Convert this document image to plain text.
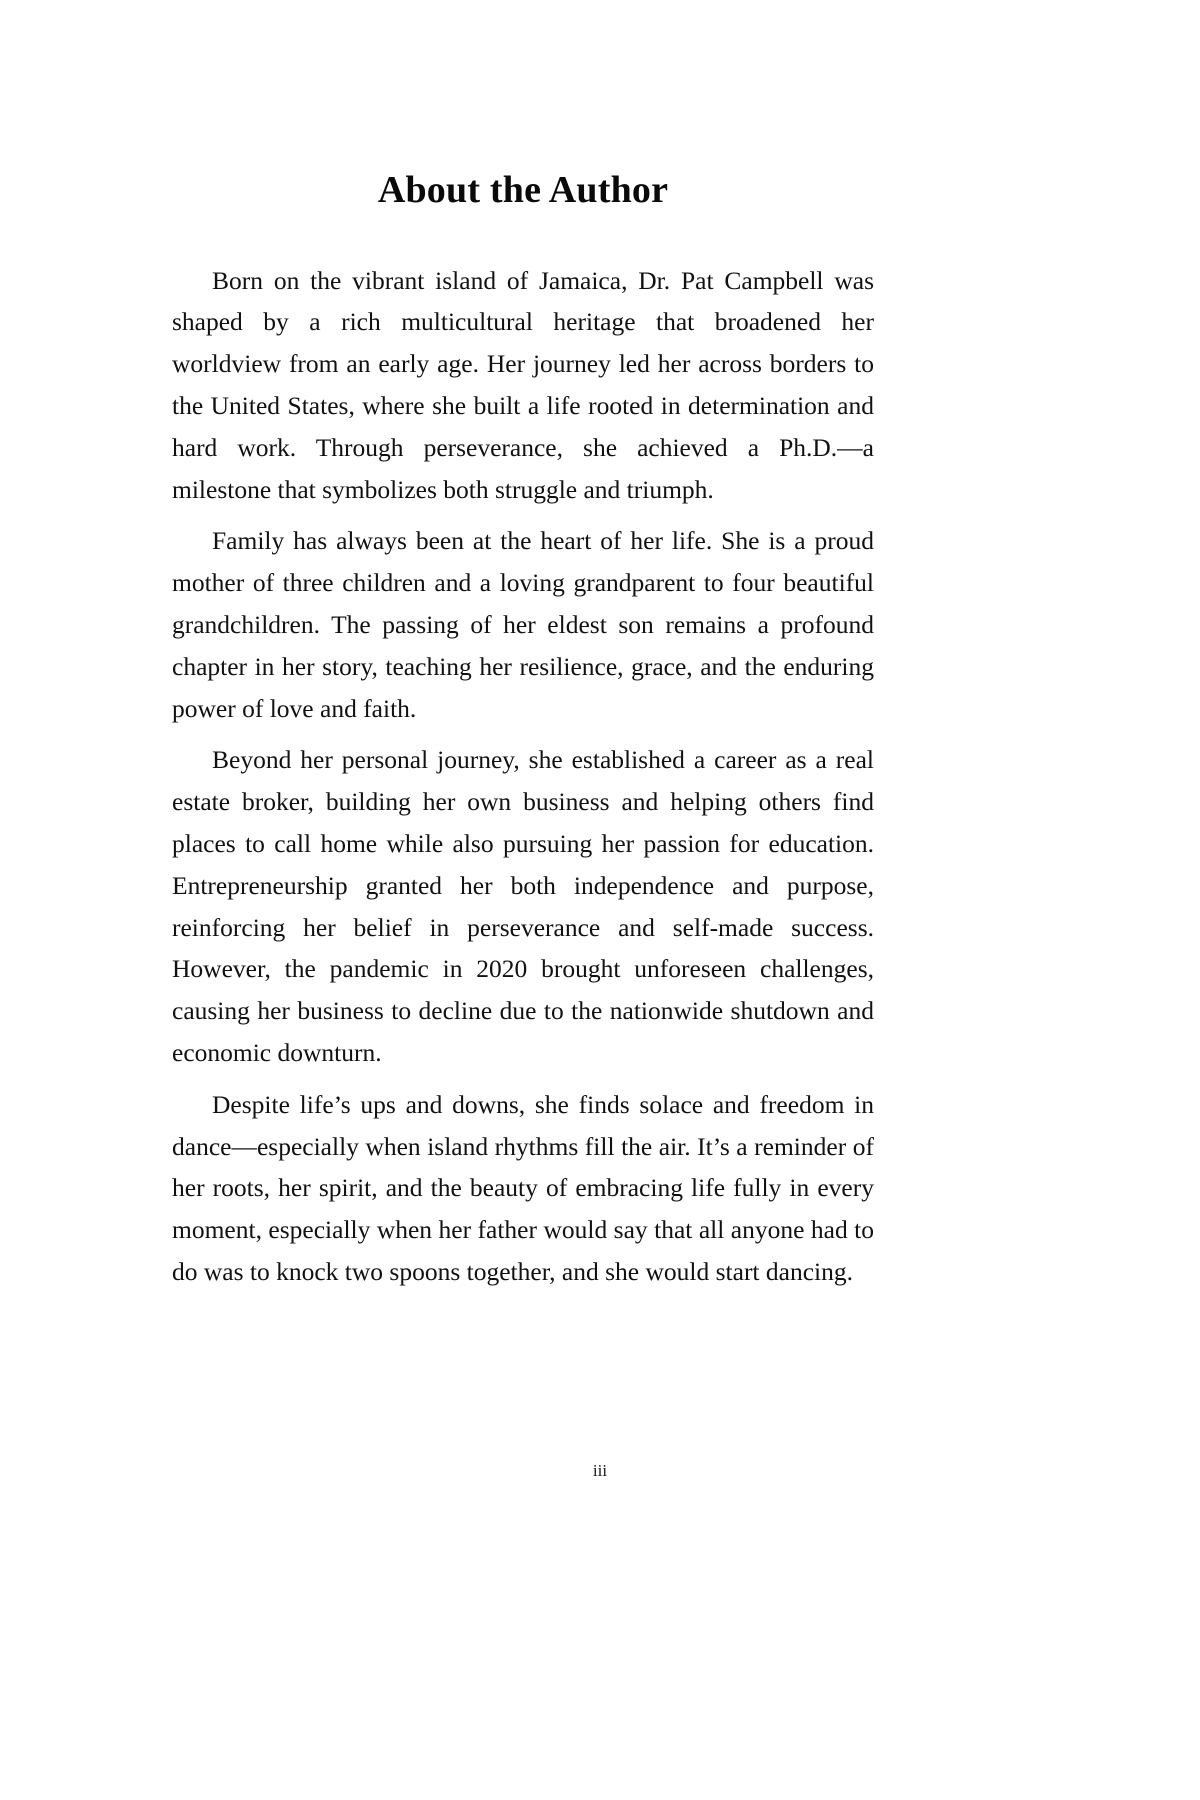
About the Author

Born on the vibrant island of Jamaica, Dr. Pat Campbell was shaped by a rich multicultural heritage that broadened her worldview from an early age. Her journey led her across borders to the United States, where she built a life rooted in determination and hard work. Through perseverance, she achieved a Ph.D.—a milestone that symbolizes both struggle and triumph.

Family has always been at the heart of her life. She is a proud mother of three children and a loving grandparent to four beautiful grandchildren. The passing of her eldest son remains a profound chapter in her story, teaching her resilience, grace, and the enduring power of love and faith.

Beyond her personal journey, she established a career as a real estate broker, building her own business and helping others find places to call home while also pursuing her passion for education. Entrepreneurship granted her both independence and purpose, reinforcing her belief in perseverance and self-made success. However, the pandemic in 2020 brought unforeseen challenges, causing her business to decline due to the nationwide shutdown and economic downturn.

Despite life’s ups and downs, she finds solace and freedom in dance—especially when island rhythms fill the air. It’s a reminder of her roots, her spirit, and the beauty of embracing life fully in every moment, especially when her father would say that all anyone had to do was to knock two spoons together, and she would start dancing.

iii
